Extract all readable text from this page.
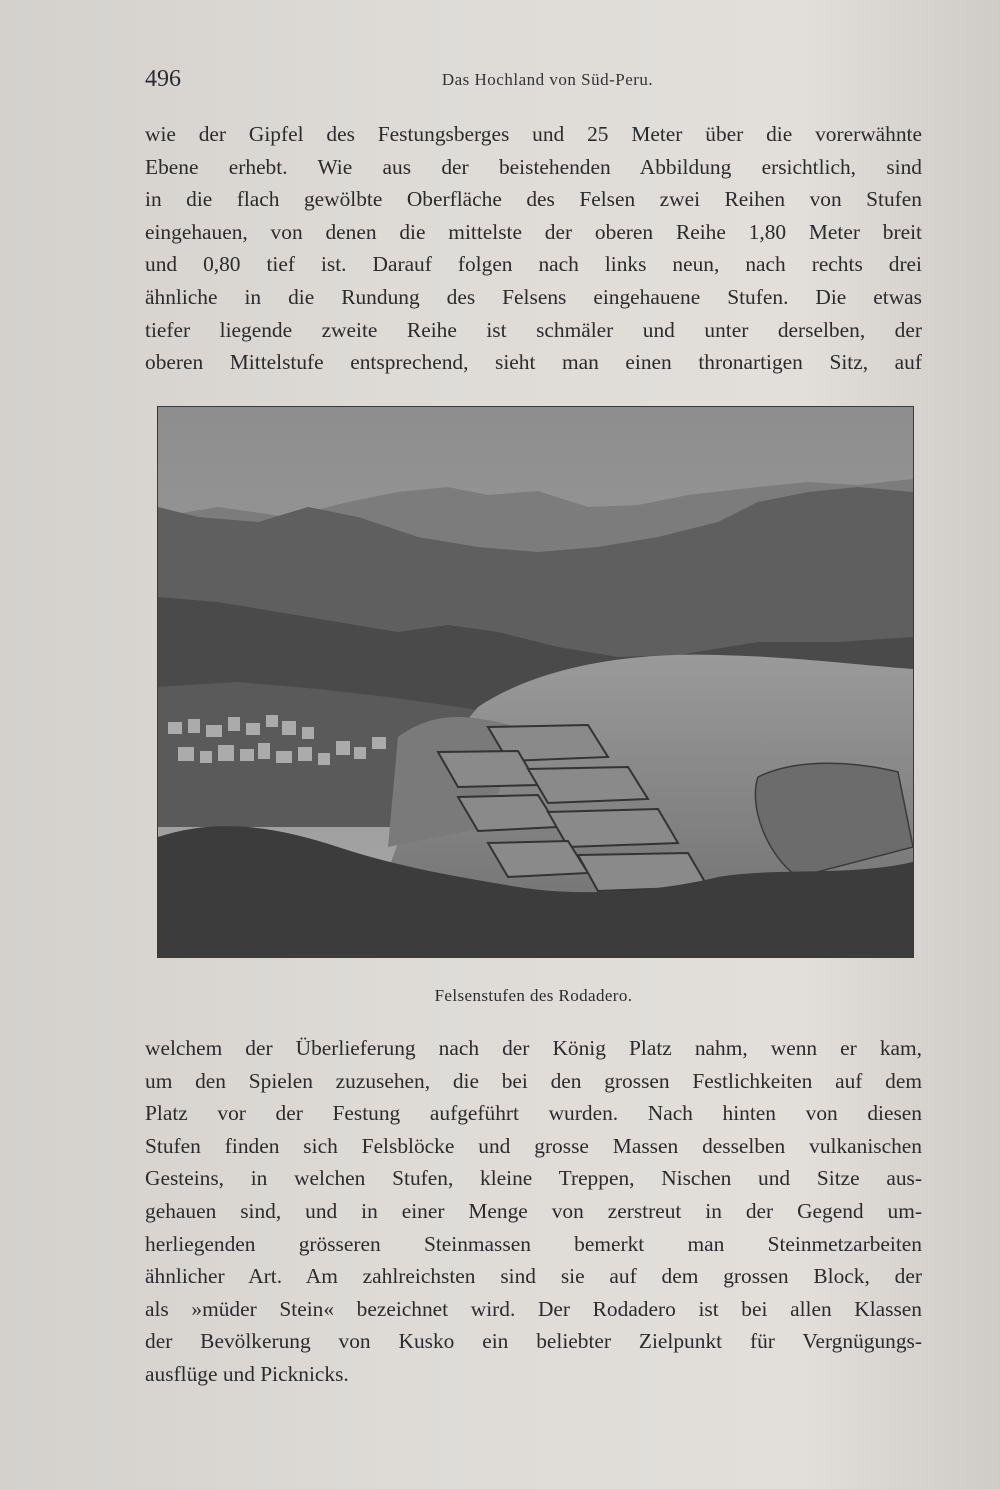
496	Das Hochland von Süd-Peru.
wie der Gipfel des Festungsberges und 25 Meter über die vorerwähnte
Ebene erhebt. Wie aus der beistehenden Abbildung ersichtlich, sind
in die flach gewölbte Oberfläche des Felsen zwei Reihen von Stufen
eingehauen, von denen die mittelste der oberen Reihe 1,80 Meter breit
und 0,80 tief ist. Darauf folgen nach links neun, nach rechts drei
ähnliche in die Rundung des Felsens eingehauene Stufen. Die etwas
tiefer liegende zweite Reihe ist schmäler und unter derselben, der
oberen Mittelstufe entsprechend, sieht man einen thronartigen Sitz, auf
Felsenstufen des Rodadero.
welchem der Überlieferung nach der König Platz nahm, wenn er kam,
um den Spielen zuzusehen, die bei den grossen Festlichkeiten auf dem
Platz vor der Festung aufgeführt wurden. Nach hinten von diesen
Stufen finden sich Felsblöcke und grosse Massen desselben vulkanischen
Gesteins, in welchen Stufen, kleine Treppen, Nischen und Sitze aus-
gehauen sind, und in einer Menge von zerstreut in der Gegend um-
herliegenden grösseren Steinmassen bemerkt man Steinmetzarbeiten
ähnlicher Art. Am zahlreichsten sind sie auf dem grossen Block, der
als »müder Stein« bezeichnet wird. Der Rodadero ist bei allen Klassen
der Bevölkerung von Kusko ein beliebter Zielpunkt für Vergnügungs-
ausflüge und Picknicks.
